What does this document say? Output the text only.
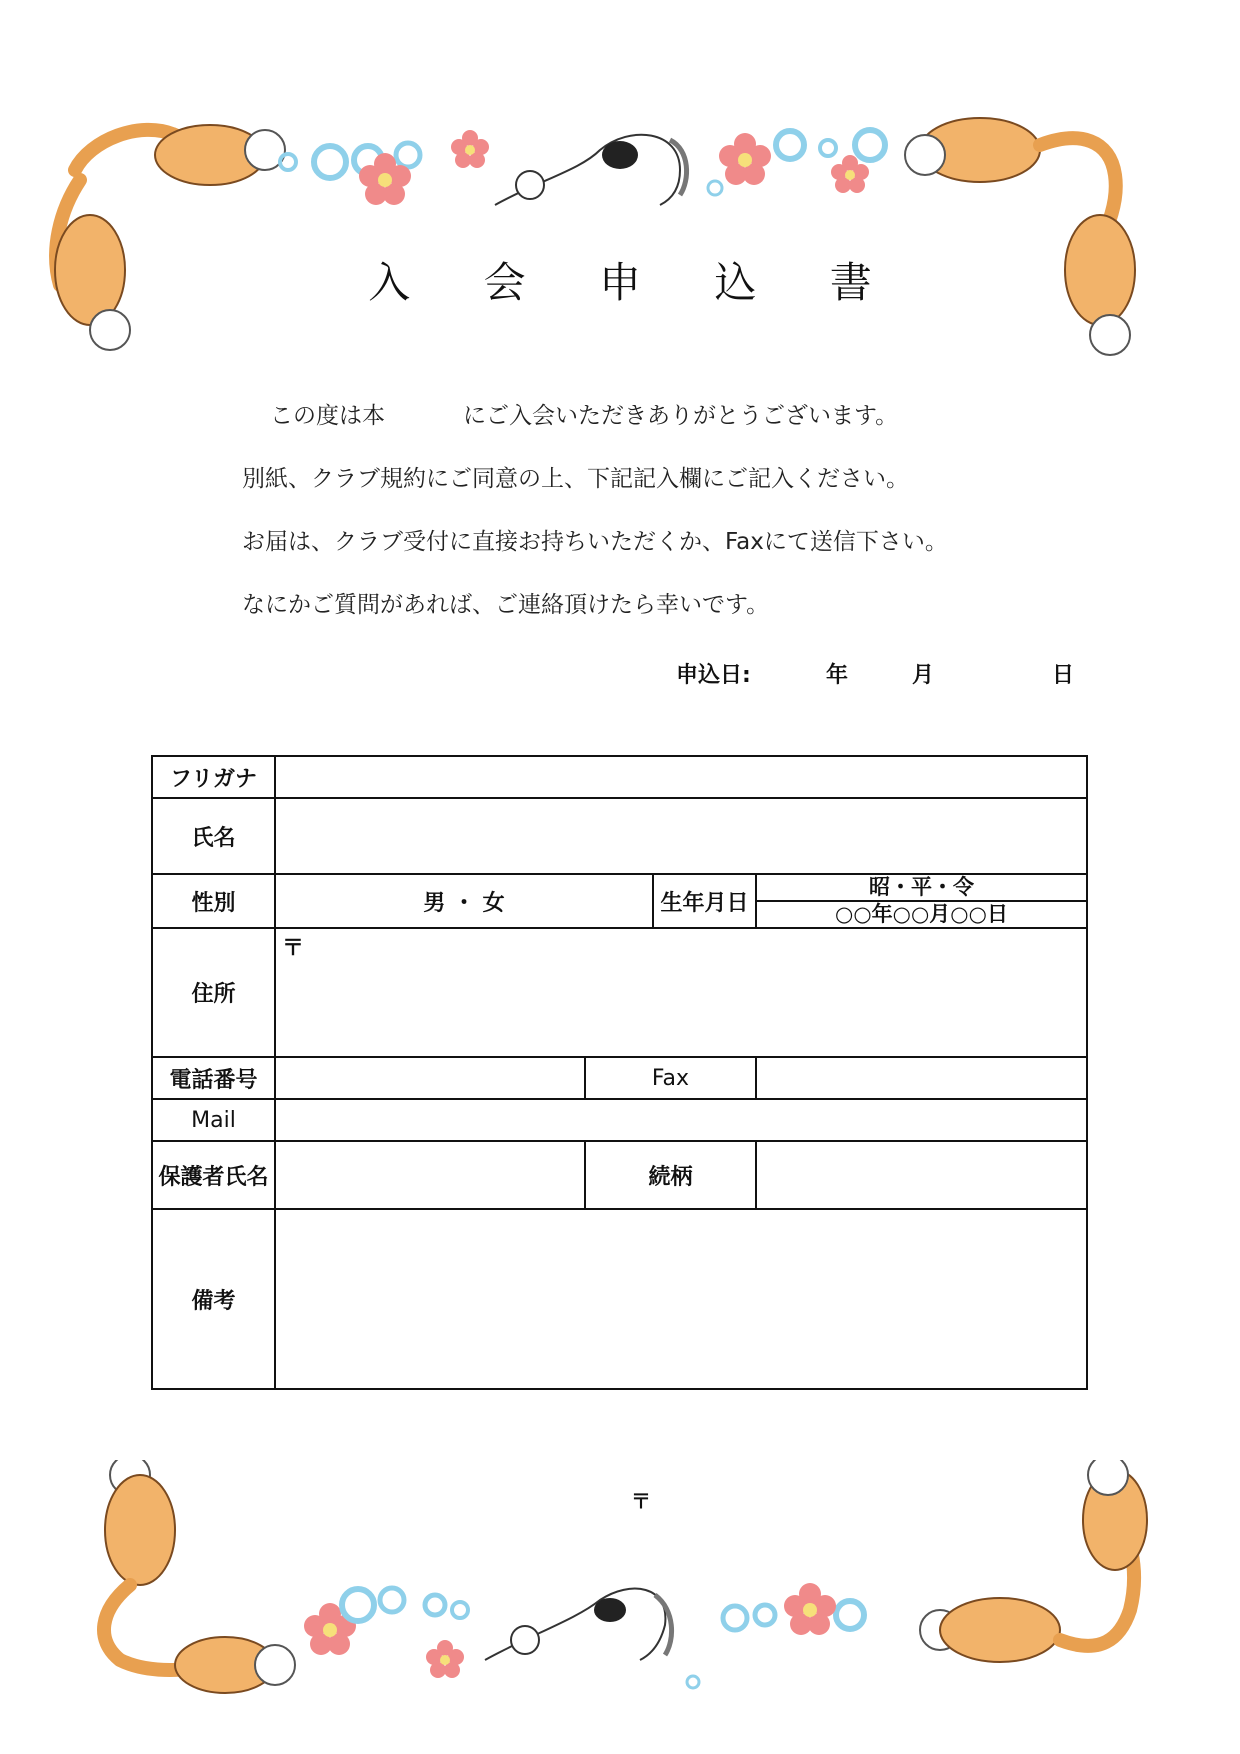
入 会 申 込 書

この度は本	にご入会いただきありがとうございます。

別紙、クラブ規約にご同意の上、下記記入欄にご記入ください。

お届は、クラブ受付に直接お持ちいただくか、Faxにて送信下さい。

なにかご質問があれば、ご連絡頂けたら幸いです。

申込日:	年	月	日
フリガナ				
氏名				
性別	男 ・ 女		生年月日	昭・平・令
○○年○○月○○日

住所	〒			

電話番号		Fax		
Mail				
保護者氏名		続柄		
備考				
〒
